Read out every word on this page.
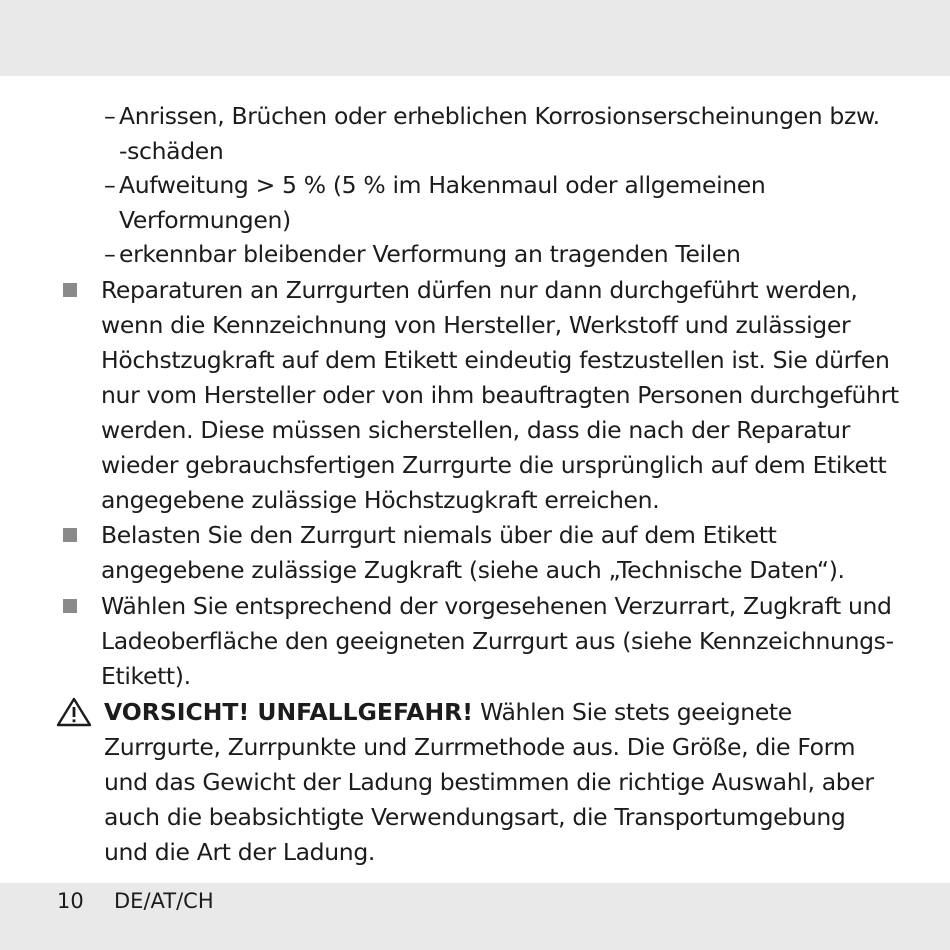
– Anrissen, Brüchen oder erheblichen Korrosionserscheinungen bzw. -schäden
– Aufweitung > 5 % (5 % im Hakenmaul oder allgemeinen Verformungen)
– erkennbar bleibender Verformung an tragenden Teilen
Reparaturen an Zurrgurten dürfen nur dann durchgeführt werden, wenn die Kennzeichnung von Hersteller, Werkstoff und zulässiger Höchstzugkraft auf dem Etikett eindeutig festzustellen ist. Sie dürfen nur vom Hersteller oder von ihm beauftragten Personen durchgeführt werden. Diese müssen sicherstellen, dass die nach der Reparatur wieder gebrauchsfertigen Zurrgurte die ursprünglich auf dem Etikett angegebene zulässige Höchstzugkraft erreichen.
Belasten Sie den Zurrgurt niemals über die auf dem Etikett angegebene zulässige Zugkraft (siehe auch „Technische Daten“).
Wählen Sie entsprechend der vorgesehenen Verzurrart, Zugkraft und Ladeoberfläche den geeigneten Zurrgurt aus (siehe Kennzeichnungs-Etikett).
VORSICHT! UNFALLGEFAHR! Wählen Sie stets geeignete Zurrgurte, Zurrpunkte und Zurrmethode aus. Die Größe, die Form und das Gewicht der Ladung bestimmen die richtige Auswahl, aber auch die beabsichtigte Verwendungsart, die Transportumgebung und die Art der Ladung.
10 DE/AT/CH
